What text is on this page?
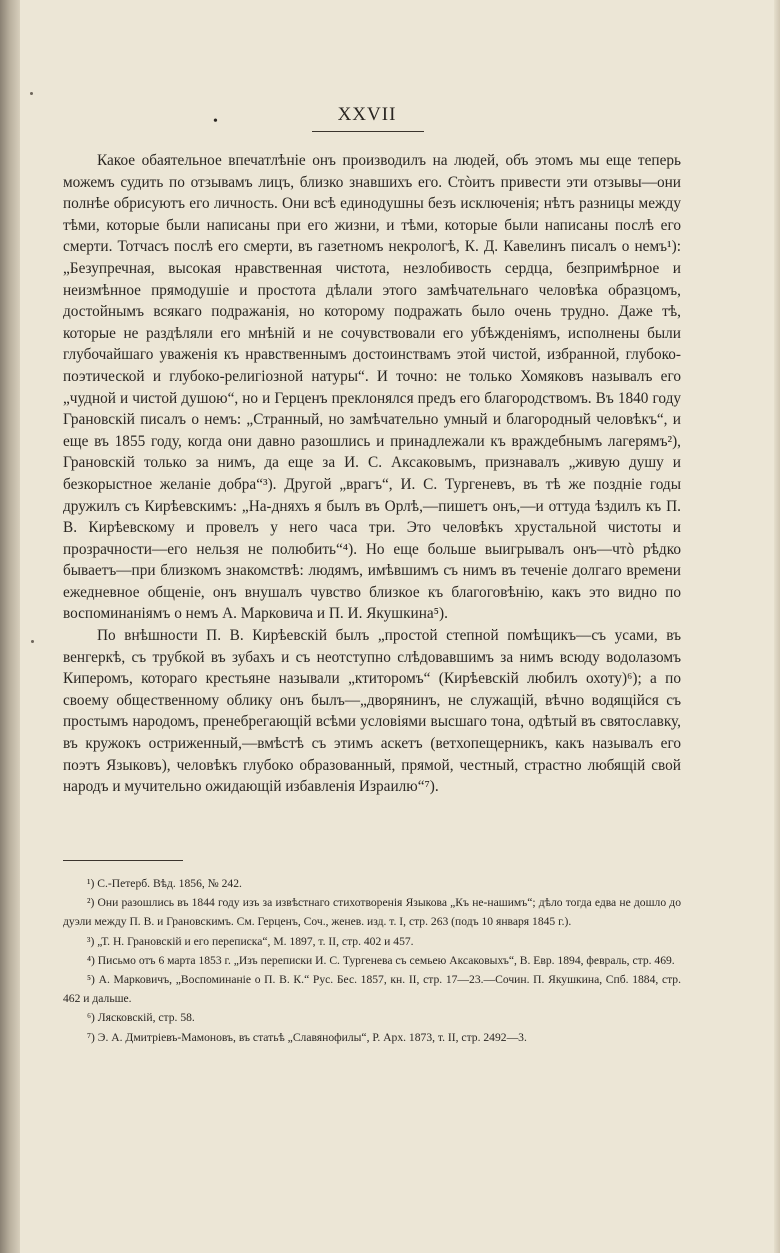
•	XXVII

Какое обаятельное впечатлѣніе онъ производилъ на людей, объ этомъ мы еще теперь можемъ судить по отзывамъ лицъ, близко знавшихъ его. Стòитъ привести эти отзывы—они полнѣе обрисуютъ его личность. Они всѣ единодушны безъ исключенія; нѣтъ разницы между тѣми, которые были написаны при его жизни, и тѣми, которые были написаны послѣ его смерти. Тотчасъ послѣ его смерти, въ газетномъ некрологѣ, К. Д. Кавелинъ писалъ о немъ¹): „Безупречная, высокая нравственная чистота, незлобивость сердца, безпримѣрное и неизмѣнное прямодушіе и простота дѣлали этого замѣчательнаго человѣка образцомъ, достойнымъ всякаго подражанія, но которому подражать было очень трудно. Даже тѣ, которые не раздѣляли его мнѣній и не сочувствовали его убѣжденіямъ, исполнены были глубочайшаго уваженія къ нравственнымъ достоинствамъ этой чистой, избранной, глубоко-поэтической и глубоко-религіозной натуры“. И точно: не только Хомяковъ называлъ его „чудной и чистой душою“, но и Герценъ преклонялся предъ его благородствомъ. Въ 1840 году Грановскій писалъ о немъ: „Странный, но замѣчательно умный и благородный человѣкъ“, и еще въ 1855 году, когда они давно разошлись и принадлежали къ враждебнымъ лагерямъ²), Грановскій только за нимъ, да еще за И. С. Аксаковымъ, признавалъ „живую душу и безкорыстное желаніе добра“³). Другой „врагъ“, И. С. Тургеневъ, въ тѣ же поздніе годы дружилъ съ Кирѣевскимъ: „На-дняхъ я былъ въ Орлѣ,—пишетъ онъ,—и оттуда ѣздилъ къ П. В. Кирѣевскому и провелъ у него часа три. Это человѣкъ хрустальной чистоты и прозрачности—его нельзя не полюбить“⁴). Но еще больше выигрывалъ онъ—чтò рѣдко бываетъ—при близкомъ знакомствѣ: людямъ, имѣвшимъ съ нимъ въ теченіе долгаго времени ежедневное общеніе, онъ внушалъ чувство близкое къ благоговѣнію, какъ это видно по воспоминаніямъ о немъ А. Марковича и П. И. Якушкина⁵).

По внѣшности П. В. Кирѣевскій былъ „простой степной помѣщикъ—съ усами, въ венгеркѣ, съ трубкой въ зубахъ и съ неотступно слѣдовавшимъ за нимъ всюду водолазомъ Киперомъ, котораго крестьяне называли „ктиторомъ“ (Кирѣевскій любилъ охоту)⁶); а по своему общественному облику онъ былъ—„дворянинъ, не служащій, вѣчно водящійся съ простымъ народомъ, пренебрегающій всѣми условіями высшаго тона, одѣтый въ святославку, въ кружокъ остриженный,—вмѣстѣ съ этимъ аскетъ (ветхопещерникъ, какъ называлъ его поэтъ Языковъ), человѣкъ глубоко образованный, прямой, честный, страстно любящій свой народъ и мучительно ожидающій избавленія Израилю“⁷).

¹) С.-Петерб. Вѣд. 1856, № 242.

²) Они разошлись въ 1844 году изъ за извѣстнаго стихотворенія Языкова „Къ не-нашимъ“; дѣло тогда едва не дошло до дуэли между П. В. и Грановскимъ. См. Герценъ, Соч., женев. изд. т. I, стр. 263 (подъ 10 января 1845 г.).

³) „Т. Н. Грановскій и его переписка“, М. 1897, т. II, стр. 402 и 457.

⁴) Письмо отъ 6 марта 1853 г. „Изъ переписки И. С. Тургенева съ семьею Аксаковыхъ“, В. Евр. 1894, февраль, стр. 469.

⁵) А. Марковичъ, „Воспоминаніе о П. В. К.“ Рус. Бес. 1857, кн. II, стр. 17—23.—Сочин. П. Якушкина, Спб. 1884, стр. 462 и дальше.

⁶) Лясковскій, стр. 58.

⁷) Э. А. Дмитріевъ-Мамоновъ, въ статьѣ „Славянофилы“, Р. Арх. 1873, т. II, стр. 2492—3.
